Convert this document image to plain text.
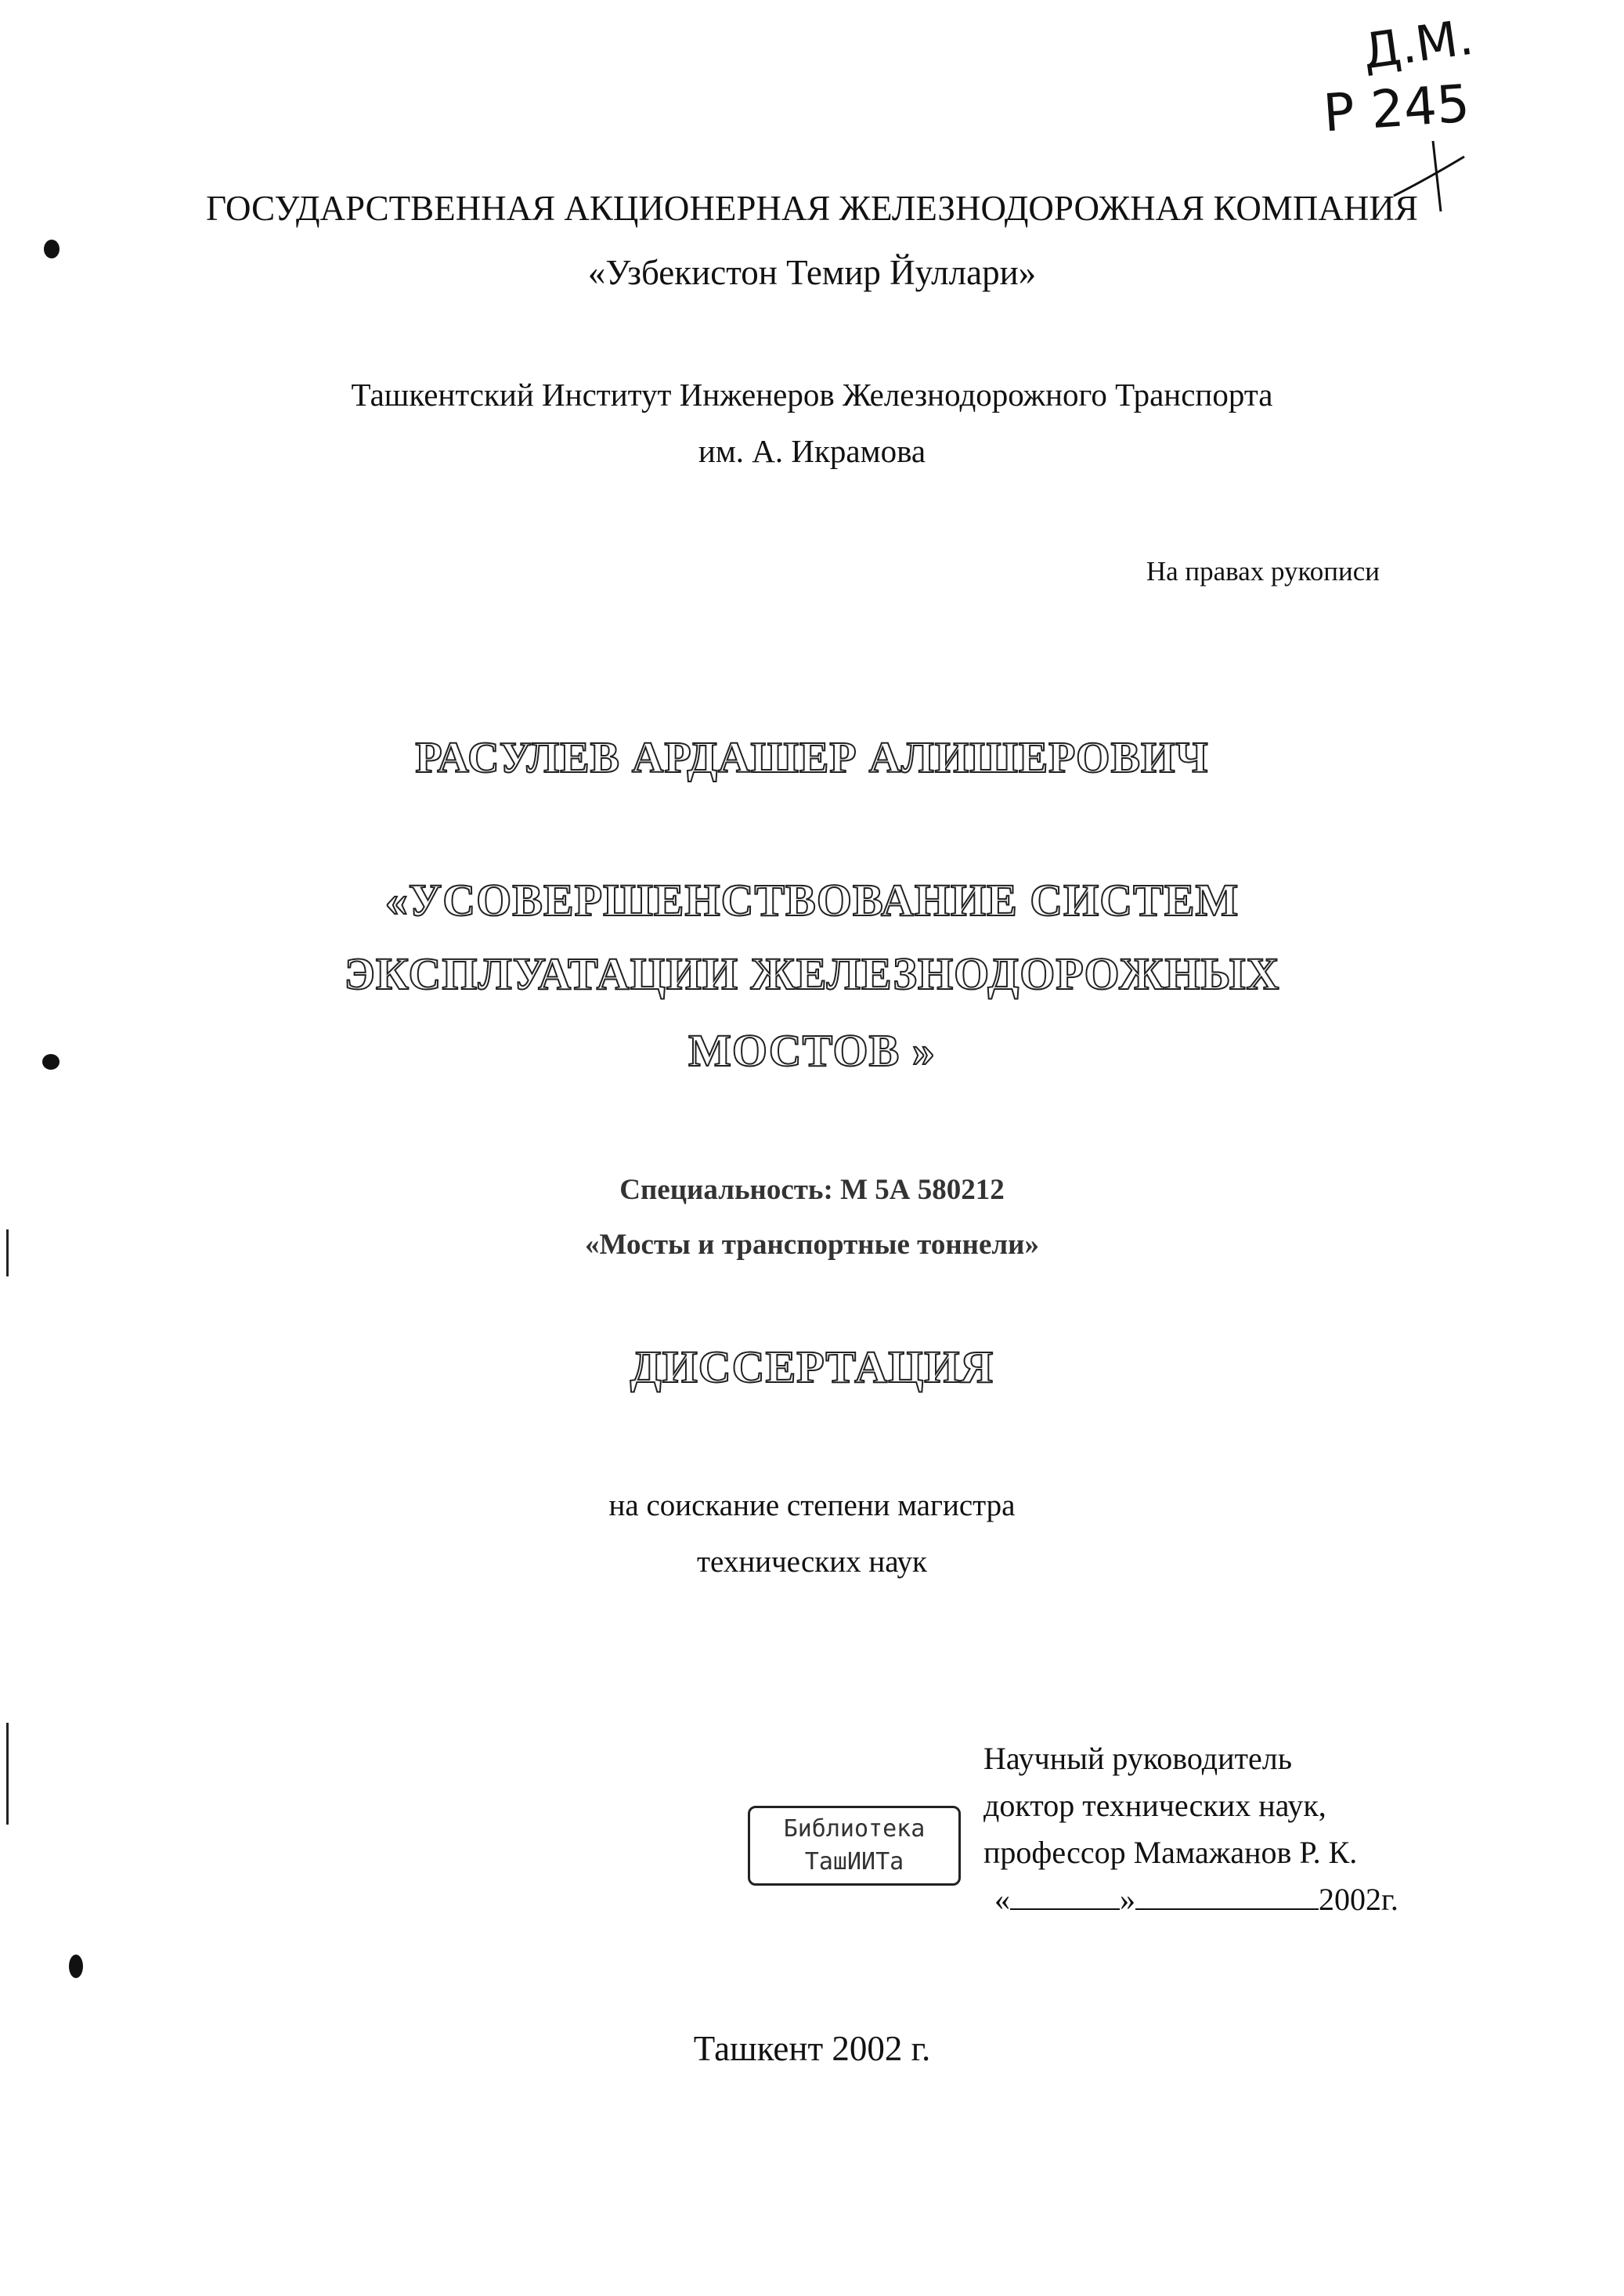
Д.М.
Р 245
ГОСУДАРСТВЕННАЯ АКЦИОНЕРНАЯ ЖЕЛЕЗНОДОРОЖНАЯ КОМПАНИЯ
«Узбекистон Темир Йуллари»
Ташкентский Институт Инженеров Железнодорожного Транспорта
им. А. Икрамова
На правах рукописи
РАСУЛЕВ АРДАШЕР АЛИШЕРОВИЧ
«УСОВЕРШЕНСТВОВАНИЕ СИСТЕМ
ЭКСПЛУАТАЦИИ ЖЕЛЕЗНОДОРОЖНЫХ
МОСТОВ »
Специальность: М 5А 580212
«Мосты и транспортные тоннели»
ДИССЕРТАЦИЯ
на соискание степени магистра
технических наук
Библиотека
ТашИИТа
Научный руководитель
доктор технических наук,
профессор Мамажанов Р. К.
«	»	2002г.
Ташкент 2002 г.
